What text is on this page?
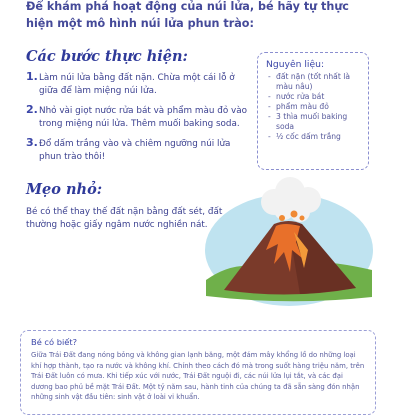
Để khám phá hoạt động của núi lửa, bé hãy tự thực hiện một mô hình núi lửa phun trào:

Các bước thực hiện:
1. Làm núi lửa bằng đất nặn. Chừa một cái lỗ ở giữa để làm miệng núi lửa.
2. Nhỏ vài giọt nước rửa bát và phẩm màu đỏ vào trong miệng núi lửa. Thêm muối baking soda.
3. Đổ dấm trắng vào và chiêm ngưỡng núi lửa phun trào thôi!
Nguyên liệu:
- đất nặn (tốt nhất là màu nâu)
- nước rửa bát
- phẩm màu đỏ
- 3 thìa muối baking soda
- ½ cốc dấm trắng
Mẹo nhỏ:

Bé có thể thay thế đất nặn bằng đất sét, đất thường hoặc giấy ngâm nước nghiền nát.

Bé có biết?

Giữa Trái Đất đang nóng bỏng và không gian lạnh băng, một đám mây khổng lồ do những loại khí hợp thành, tạo ra nước và không khí. Chính theo cách đó mà trong suốt hàng triệu năm, trên Trái Đất luôn có mưa. Khi tiếp xúc với nước, Trái Đất nguội đi, các núi lửa lụi tắt, và các đại dương bao phủ bề mặt Trái Đất. Một tỷ năm sau, hành tinh của chúng ta đã sẵn sàng đón nhận những sinh vật đầu tiên: sinh vật ở loài vi khuẩn.
